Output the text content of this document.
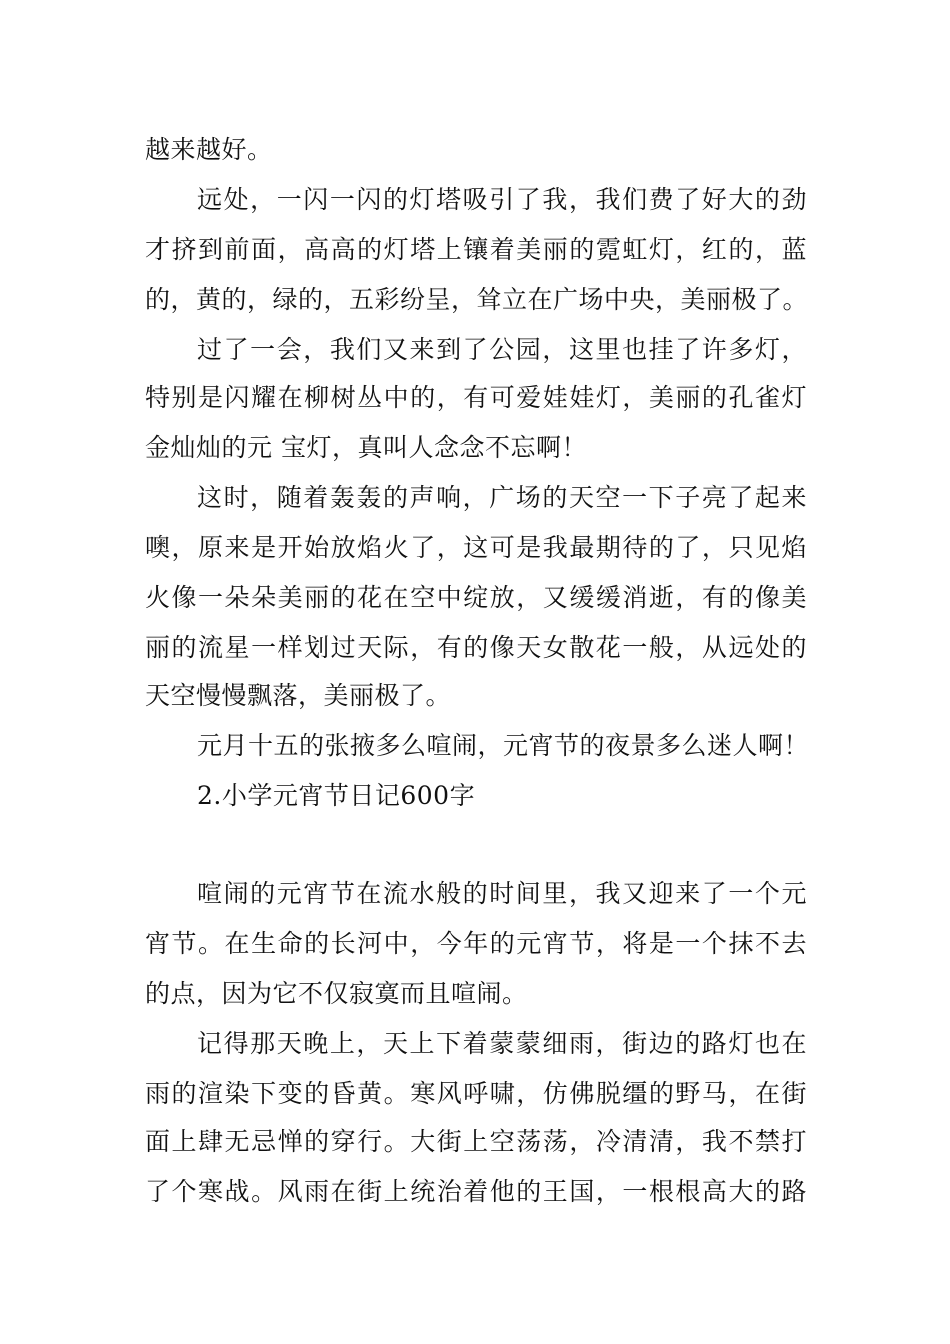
越来越好。
远处，一闪一闪的灯塔吸引了我，我们费了好大的劲
才挤到前面，高高的灯塔上镶着美丽的霓虹灯，红的，蓝
的，黄的，绿的，五彩纷呈，耸立在广场中央，美丽极了。
过了一会，我们又来到了公园，这里也挂了许多灯，
特别是闪耀在柳树丛中的，有可爱娃娃灯，美丽的孔雀灯
金灿灿的元 宝灯，真叫人念念不忘啊！
这时，随着轰轰的声响，广场的天空一下子亮了起来
噢，原来是开始放焰火了，这可是我最期待的了，只见焰
火像一朵朵美丽的花在空中绽放，又缓缓消逝，有的像美
丽的流星一样划过天际，有的像天女散花一般，从远处的
天空慢慢飘落，美丽极了。
元月十五的张掖多么喧闹，元宵节的夜景多么迷人啊！
2.小学元宵节日记600字
喧闹的元宵节在流水般的时间里，我又迎来了一个元
宵节。在生命的长河中，今年的元宵节，将是一个抹不去
的点，因为它不仅寂寞而且喧闹。
记得那天晚上，天上下着蒙蒙细雨，街边的路灯也在
雨的渲染下变的昏黄。寒风呼啸，仿佛脱缰的野马，在街
面上肆无忌惮的穿行。大街上空荡荡，冷清清，我不禁打
了个寒战。风雨在街上统治着他的王国，一根根高大的路
